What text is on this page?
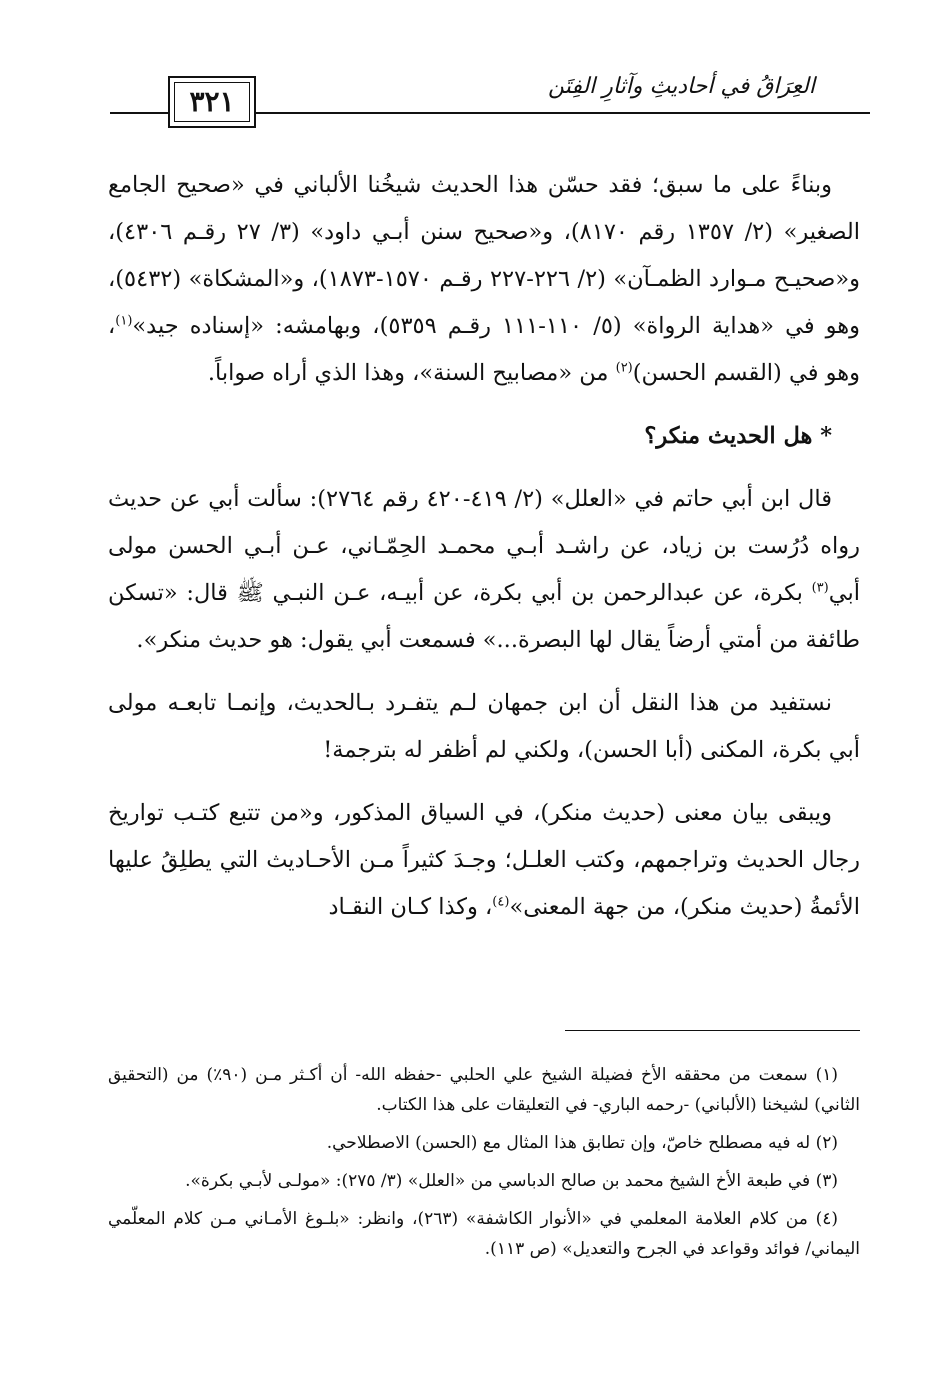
٣٢١	العِرَاقُ في أحاديثِ وآثارِ الفِتَن

وبناءً على ما سبق؛ فقد حسّن هذا الحديث شيخُنا الألباني في «صحيح الجامع الصغير» (٢/ ١٣٥٧ رقم ٨١٧٠)، و«صحيح سنن أبـي داود» (٣/ ٢٧ رقـم ٤٣٠٦)، و«صحيـح مـوارد الظمـآن» (٢/ ٢٢٦-٢٢٧ رقـم ١٥٧٠-١٨٧٣)، و«المشكاة» (٥٤٣٢)، وهو في «هداية الرواة» (٥/ ١١٠-١١١ رقـم ٥٣٥٩)، وبهامشه: «إسناده جيد»$^{(١)}$، وهو في (القسم الحسن)$^{(٢)}$ من «مصابيح السنة»، وهذا الذي أراه صواباً.

* هل الحديث منكر؟

قال ابن أبي حاتم في «العلل» (٢/ ٤١٩-٤٢٠ رقم ٢٧٦٤): سألت أبي عن حديث رواه دُرُست بن زياد، عن راشـد أبـي محمـد الحِمّـاني، عـن أبـي الحسن مولى أبي$^{(٣)}$ بكرة، عن عبدالرحمن بن أبي بكرة، عن أبيـه، عـن النبـي ﷺ قال: «تسكن طائفة من أمتي أرضاً يقال لها البصرة...» فسمعت أبي يقول: هو حديث منكر».

نستفيد من هذا النقل أن ابن جمهان لـم يتفـرد بـالحديث، وإنمـا تابعـه مولى أبي بكرة، المكنى (أبا الحسن)، ولكني لم أظفر له بترجمة!

ويبقى بيان معنى (حديث منكر)، في السياق المذكور، و«من تتبع كتـب تواريخ رجال الحديث وتراجمهم، وكتب العلـل؛ وجـدَ كثيراً مـن الأحـاديث التي يطلِقُ عليها الأئمةُ (حديث منكر)، من جهة المعنى»$^{(٤)}$، وكذا كـان النقـاد

(١) سمعت من محققه الأخ فضيلة الشيخ علي الحلبي -حفظه الله- أن أكـثر مـن (٩٠٪) من (التحقيق الثاني) لشيخنا (الألباني) -رحمه الباري- في التعليقات على هذا الكتاب.

(٢) له فيه مصطلح خاصّ، وإن تطابق هذا المثال مع (الحسن) الاصطلاحي.

(٣) في طبعة الأخ الشيخ محمد بن صالح الدباسي من «العلل» (٣/ ٢٧٥): «مولـى لأبـي بكرة».

(٤) من كلام العلامة المعلمي في «الأنوار الكاشفة» (٢٦٣)، وانظر: «بلـوغ الأمـاني مـن كلام المعلّمي اليماني/ فوائد وقواعد في الجرح والتعديل» (ص ١١٣).
